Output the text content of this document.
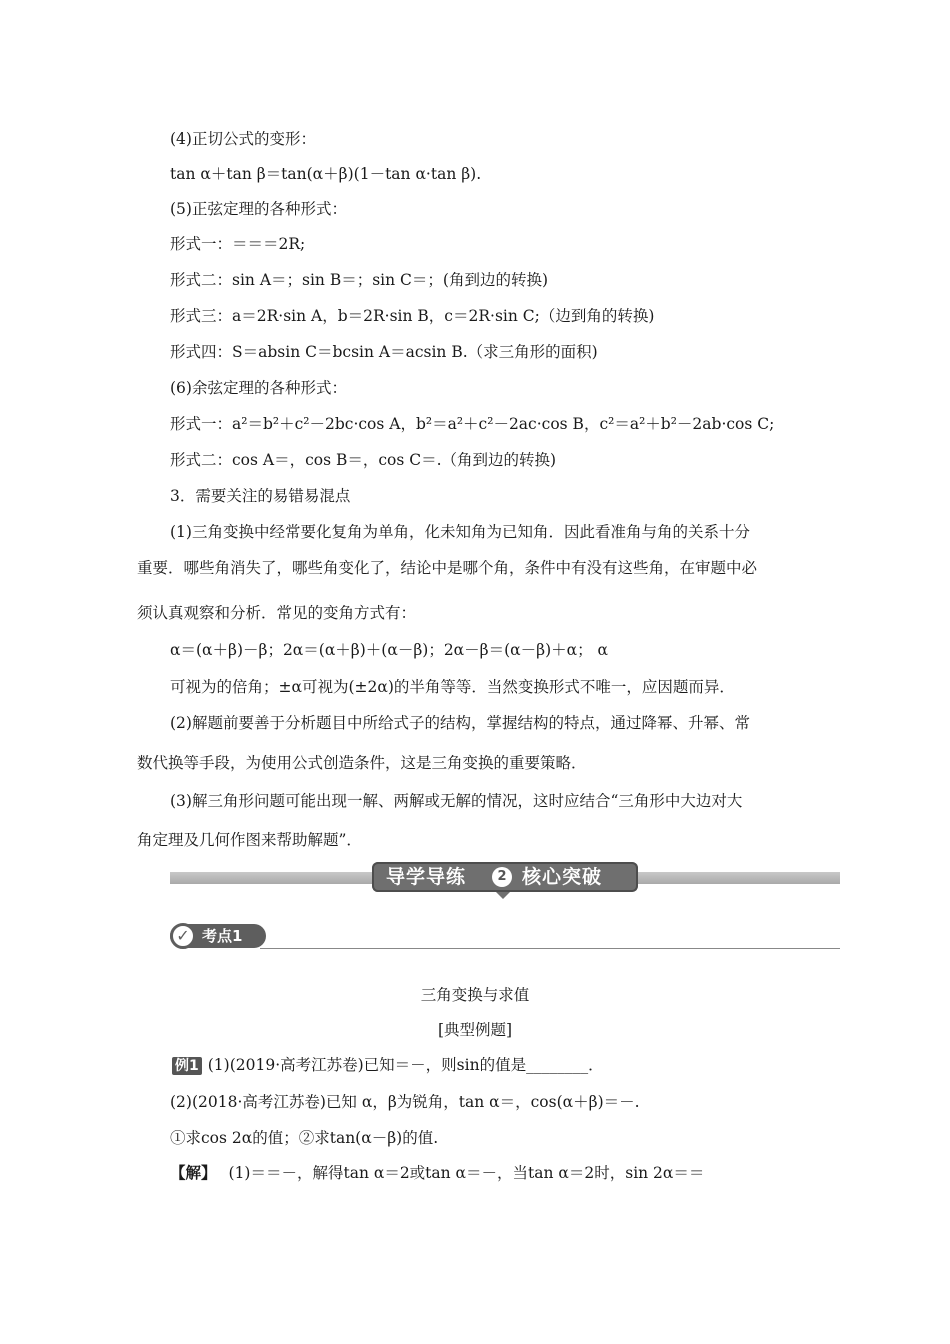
(4)正切公式的变形：
tan α＋tan β＝tan(α＋β)(1－tan α·tan β).
(5)正弦定理的各种形式：
形式一：＝＝＝2R;
形式二：sin A＝；sin B＝；sin C＝；(角到边的转换)
形式三：a＝2R·sin A，b＝2R·sin B，c＝2R·sin C;（边到角的转换)
形式四：S＝absin C＝bcsin A＝acsin B.（求三角形的面积)
(6)余弦定理的各种形式：
形式一：a²＝b²＋c²－2bc·cos A，b²＝a²＋c²－2ac·cos B，c²＝a²＋b²－2ab·cos C;
形式二：cos A＝，cos B＝，cos C＝.（角到边的转换)
3．需要关注的易错易混点
(1)三角变换中经常要化复角为单角，化未知角为已知角．因此看准角与角的关系十分
重要．哪些角消失了，哪些角变化了，结论中是哪个角，条件中有没有这些角，在审题中必
须认真观察和分析．常见的变角方式有：
α＝(α＋β)－β；2α＝(α＋β)＋(α－β)；2α－β＝(α－β)＋α； α
可视为的倍角；±α可视为(±2α)的半角等等．当然变换形式不唯一，应因题而异．
(2)解题前要善于分析题目中所给式子的结构，掌握结构的特点，通过降幂、升幂、常
数代换等手段，为使用公式创造条件，这是三角变换的重要策略．
(3)解三角形问题可能出现一解、两解或无解的情况，这时应结合“三角形中大边对大
角定理及几何作图来帮助解题”．
导学导练	2 核心突破
考点1
✓
三角变换与求值
[典型例题]
例1 (1)(2019·高考江苏卷)已知＝－，则sin的值是________．
(2)(2018·高考江苏卷)已知 α，β为锐角，tan α＝，cos(α＋β)＝－.
①求cos 2α的值；②求tan(α－β)的值.
【解】 (1)＝＝－，解得tan α＝2或tan α＝－，当tan α＝2时，sin 2α＝＝
